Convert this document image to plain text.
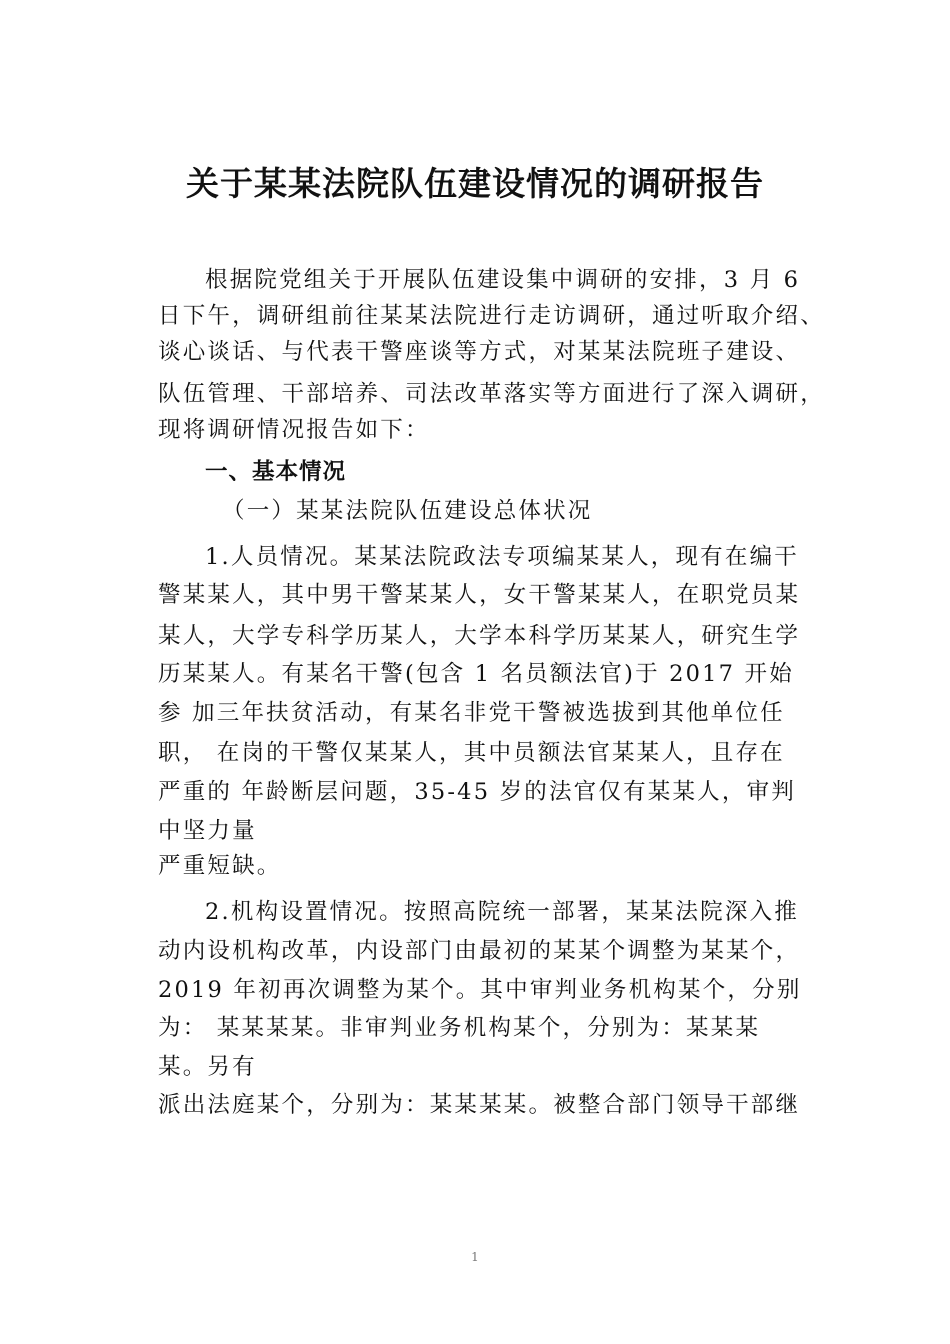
关于某某法院队伍建设情况的调研报告
根据院党组关于开展队伍建设集中调研的安排，3 月 6
日下午，调研组前往某某法院进行走访调研，通过听取介绍、
谈心谈话、与代表干警座谈等方式，对某某法院班子建设、
队伍管理、干部培养、司法改革落实等方面进行了深入调研，
现将调研情况报告如下：
一、基本情况
（一）某某法院队伍建设总体状况
1.人员情况。某某法院政法专项编某某人，现有在编干
警某某人，其中男干警某某人，女干警某某人，在职党员某
某人，大学专科学历某人，大学本科学历某某人，研究生学
历某某人。有某名干警(包含 1 名员额法官)于 2017 开始
参 加三年扶贫活动，有某名非党干警被选拔到其他单位任
职， 在岗的干警仅某某人，其中员额法官某某人，且存在
严重的 年龄断层问题，35-45 岁的法官仅有某某人，审判
中坚力量
严重短缺。
2.机构设置情况。按照高院统一部署，某某法院深入推
动内设机构改革，内设部门由最初的某某个调整为某某个，
2019 年初再次调整为某个。其中审判业务机构某个，分别
为： 某某某某。非审判业务机构某个，分别为：某某某
某。另有
派出法庭某个，分别为：某某某某。被整合部门领导干部继
1
